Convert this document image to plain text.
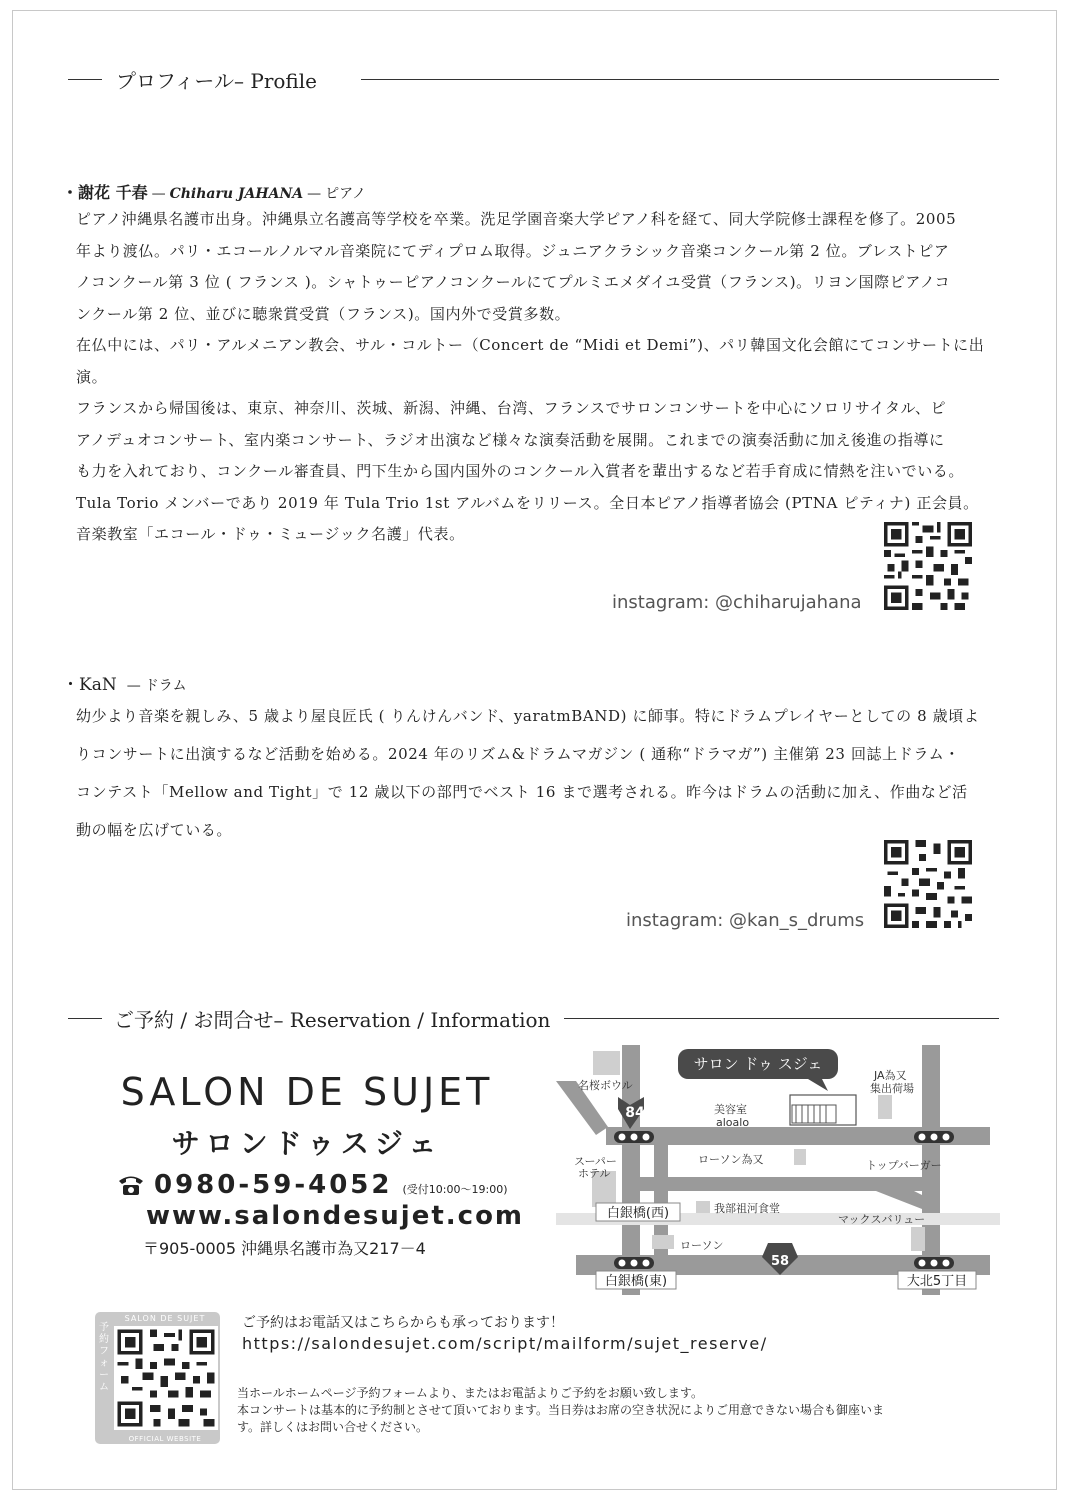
プロフィール– Profile
・謝花 千春 — Chiharu JAHANA — ピアノ

ピアノ沖縄県名護市出身。沖縄県立名護高等学校を卒業。洗足学園音楽大学ピアノ科を経て、同大学院修士課程を修了。2005

年より渡仏。パリ・エコールノルマル音楽院にてディプロム取得。ジュニアクラシック音楽コンクール第 2 位。ブレストピア

ノコンクール第 3 位 ( フランス )。シャトゥーピアノコンクールにてプルミエメダイユ受賞（フランス)。リヨン国際ピアノコ

ンクール第 2 位、並びに聴衆賞受賞（フランス)。国内外で受賞多数。

在仏中には、パリ・アルメニアン教会、サル・コルトー（Concert de “Midi et Demi”)、パリ韓国文化会館にてコンサートに出演。

フランスから帰国後は、東京、神奈川、茨城、新潟、沖縄、台湾、フランスでサロンコンサートを中心にソロリサイタル、ピ

アノデュオコンサート、室内楽コンサート、ラジオ出演など様々な演奏活動を展開。これまでの演奏活動に加え後進の指導に

も力を入れており、コンクール審査員、門下生から国内国外のコンクール入賞者を輩出するなど若手育成に情熱を注いでいる。

Tula Torio メンバーであり 2019 年 Tula Trio 1st アルバムをリリース。全日本ピアノ指導者協会 (PTNA ピティナ) 正会員。

音楽教室「エコール・ドゥ・ミュージック名護」代表。

instagram: @chiharujahana
・KaN — ドラム

幼少より音楽を親しみ、5 歳より屋良匠氏 ( りんけんバンド、yaratmBAND) に師事。特にドラムプレイヤーとしての 8 歳頃よ

りコンサートに出演するなど活動を始める。2024 年のリズム&ドラムマガジン ( 通称“ドラマガ”) 主催第 23 回誌上ドラム・

コンテスト「Mellow and Tight」で 12 歳以下の部門でベスト 16 まで選考される。昨今はドラムの活動に加え、作曲など活

動の幅を広げている。

instagram: @kan_s_drums
ご予約 / お問合せ– Reservation / Information
SALON DE SUJET
サロンドゥスジェ
0980-59-4052 (受付10:00〜19:00)
www.salondesujet.com
〒905-0005 沖縄県名護市為又217－4
サロン ドゥ スジェ
84
58
名桜ボウル
美容室
aloalo
JA為又
集出荷場
スーパー
ホテル
ローソン為又	トップバーガー
我部祖河食堂
マックスバリュー
ローソン
白銀橋(西)
白銀橋(東)	大北5丁目
SALON DE SUJET
予約フォーム
OFFICIAL WEBSITE
ご予約はお電話又はこちらからも承っております！
https://salondesujet.com/script/mailform/sujet_reserve/

当ホールホームページ予約フォームより、またはお電話よりご予約をお願い致します。

本コンサートは基本的に予約制とさせて頂いております。当日券はお席の空き状況によりご用意できない場合も御座いま

す。詳しくはお問い合せください。
